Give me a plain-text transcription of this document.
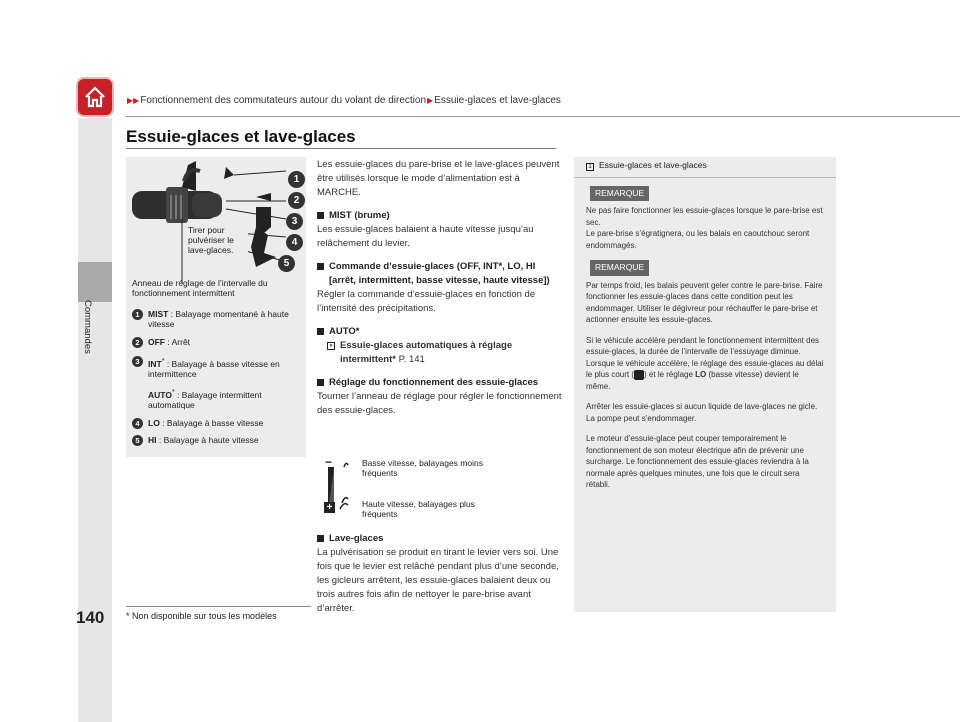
▶▶ Fonctionnement des commutateurs autour du volant de direction ▶ Essuie-glaces et lave-glaces
Commandes
140
Essuie-glaces et lave-glaces
1
2
3
4
5
Tirer pour pulvériser le lave-glaces.
Anneau de réglage de l’intervalle du fonctionnement intermittent
1 MIST : Balayage momentané à haute vitesse
2 OFF : Arrêt
3 INT* : Balayage à basse vitesse en intermittence
AUTO* : Balayage intermittent automatique
4 LO : Balayage à basse vitesse
5 HI : Balayage à haute vitesse
Les essuie-glaces du pare-brise et le lave-glaces peuvent être utilisés lorsque le mode d’alimentation est à MARCHE.
MIST (brume)
Les essuie-glaces balaient à haute vitesse jusqu’au relâchement du levier.
Commande d’essuie-glaces (OFF, INT*, LO, HI [arrêt, intermittent, basse vitesse, haute vitesse])
Régler la commande d’essuie-glaces en fonction de l’intensité des précipitations.
AUTO*
» Essuie-glaces automatiques à réglage intermittent* P. 141
Réglage du fonctionnement des essuie-glaces
Tourner l’anneau de réglage pour régler le fonctionnement des essuie-glaces.
−
+
Basse vitesse, balayages moins fréquents
Haute vitesse, balayages plus fréquents
Lave-glaces
La pulvérisation se produit en tirant le levier vers soi. Une fois que le levier est relâché pendant plus d’une seconde, les gicleurs arrêtent, les essuie-glaces balaient deux ou trois autres fois afin de nettoyer le pare-brise avant d’arrêter.
1 Essuie-glaces et lave-glaces
REMARQUE
Ne pas faire fonctionner les essuie-glaces lorsque le pare-brise est sec.
Le pare-brise s’égratignera, ou les balais en caoutchouc seront endommagés.
REMARQUE
Par temps froid, les balais peuvent geler contre le pare-brise. Faire fonctionner les essuie-glaces dans cette condition peut les endommager. Utiliser le dégivreur pour réchauffer le pare-brise et actionner ensuite les essuie-glaces.
Si le véhicule accélère pendant le fonctionnement intermittent des essuie-glaces, la durée de l’intervalle de l’essuyage diminue.
Lorsque le véhicule accélère, le réglage des essuie-glaces au délai le plus court ( ) et le réglage LO (basse vitesse) devient le même.
Arrêter les essuie-glaces si aucun liquide de lave-glaces ne gicle.
La pompe peut s’endommager.
Le moteur d’essuie-glace peut couper temporairement le fonctionnement de son moteur électrique afin de prévenir une surcharge. Le fonctionnement des essuie-glaces reviendra à la normale après quelques minutes, une fois que le circuit sera rétabli.
* Non disponible sur tous les modèles
